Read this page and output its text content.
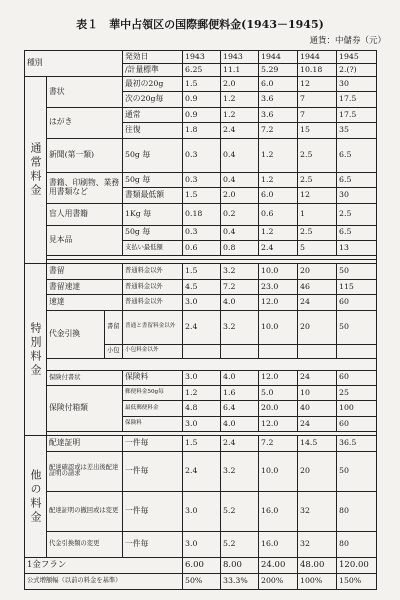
表１　華中占領区の国際郵便料金(1943－1945)
通貨：中儲券（元）
種別			発効日	1943	1943	1944	1944	1945
			/計量標準	6.25	11.1	5.29	10.18	2.(?)
通常料金	書状		最初の20g	1.5	2.0	6.0	12	30
			次の20g毎	0.9	1.2	3.6	7	17.5
	はがき		通常	0.9	1.2	3.6	7	17.5
			往復	1.8	2.4	7.2	15	35
	新聞(第一類)		50g 毎	0.3	0.4	1.2	2.5	6.5
	書籍、印刷物、業務用書類など		50g 毎	0.3	0.4	1.2	2.5	6.5
			書類最低額	1.5	2.0	6.0	12	30
	盲人用書籍		1Kg 毎	0.18	0.2	0.6	1	2.5
	見本品		50g 毎	0.3	0.4	1.2	2.5	6.5
			支払い最低額	0.6	0.8	2.4	5	13

特別料金	書留		普通料金以外	1.5	3.2	10.0	20	50
	書留速達		普通料金以外	4.5	7.2	23.0	46	115
	速達		普通料金以外	3.0	4.0	12.0	24	60
	代金引換	書留	普通と書留料金以外	2.4	3.2	10.0	20	50
		小包	小包料金以外					

	保険付書状		保険料	3.0	4.0	12.0	24	60
	保険付箱類		郵便料金50g毎	1.2	1.6	5.0	10	25
			最低郵便料金	4.8	6.4	20.0	40	100
			保険料	3.0	4.0	12.0	24	60

他の料金	配達証明		一件毎	1.5	2.4	7.2	14.5	36.5
	配達確認或は差出後配達証明の請求		一件毎	2.4	3.2	10.0	20	50
	配達証明の撤回或は変更		一件毎	3.0	5.2	16.0	32	80
	代金引換類の変更		一件毎	3.0	5.2	16.0	32	80
1金フラン				6.00	8.00	24.00	48.00	120.00
公式増額幅（以前の料金を基準）				50%	33.3%	200%	100%	150%
